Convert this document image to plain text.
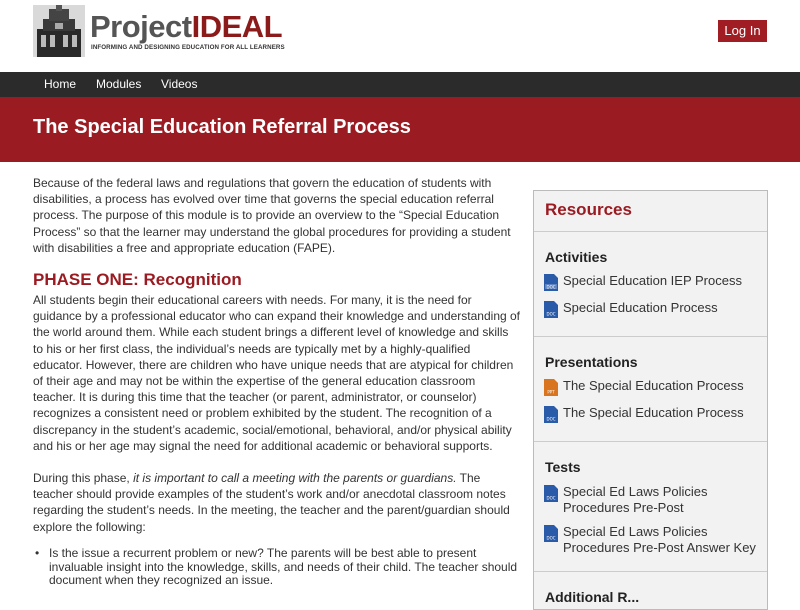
ProjectIDEAL
INFORMING AND DESIGNING EDUCATION FOR ALL LEARNERS
Log In
Home Modules Videos
The Special Education Referral Process

Because of the federal laws and regulations that govern the education of students with disabilities, a process has evolved over time that governs the special education referral process. The purpose of this module is to provide an overview to the “Special Education Process” so that the learner may understand the global procedures for providing a student with disabilities a free and appropriate education (FAPE).

PHASE ONE: Recognition

All students begin their educational careers with needs. For many, it is the need for guidance by a professional educator who can expand their knowledge and understanding of the world around them. While each student brings a different level of knowledge and skills to his or her first class, the individual’s needs are typically met by a highly-qualified educator. However, there are children who have unique needs that are atypical for children of their age and may not be within the expertise of the general education classroom teacher. It is during this time that the teacher (or parent, administrator, or counselor) recognizes a consistent need or problem exhibited by the student. The recognition of a discrepancy in the student’s academic, social/emotional, behavioral, and/or physical ability and his or her age may signal the need for additional academic or behavioral supports.

During this phase, it is important to call a meeting with the parents or guardians. The teacher should provide examples of the student’s work and/or anecdotal classroom notes regarding the student’s needs. In the meeting, the teacher and the parent/guardian should explore the following:

• Is the issue a recurrent problem or new? The parents will be best able to present invaluable insight into the knowledge, skills, and needs of their child. The teacher should document when they recognized an issue.
Resources
Activities
DOC Special Education IEP Process
DOC Special Education Process
Presentations
PPT The Special Education Process
DOC The Special Education Process
Tests
DOC Special Ed Laws Policies Procedures Pre-Post
DOC Special Ed Laws Policies Procedures Pre-Post Answer Key
Additional R...
